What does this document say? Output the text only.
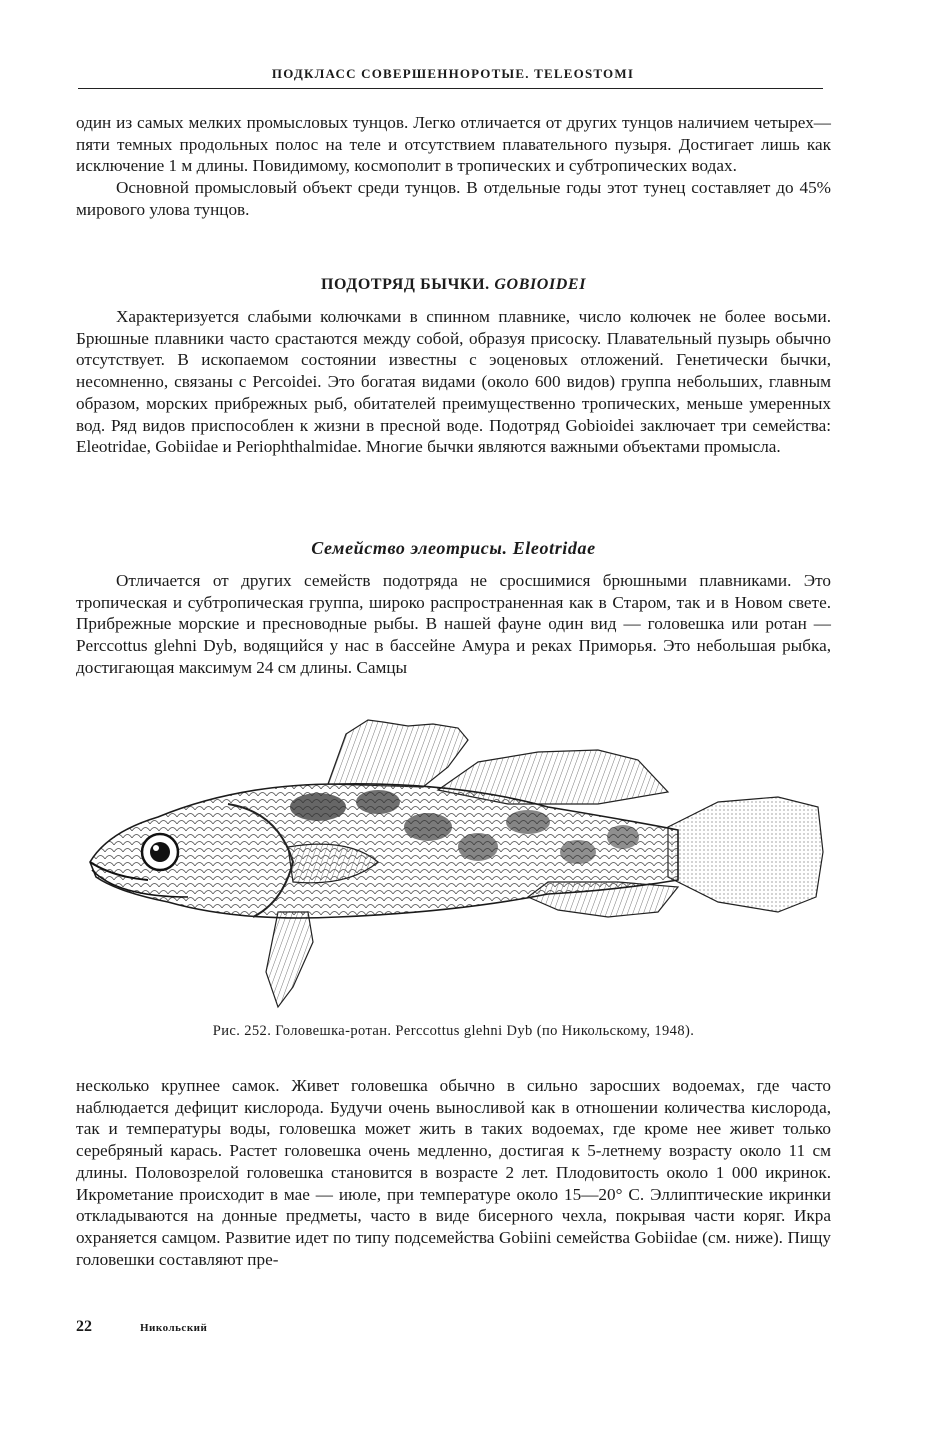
ПОДКЛАСС СОВЕРШЕННОРОТЫЕ. TELEOSTOMI

один из самых мелких промысловых тунцов. Легко отличается от других тунцов наличием четырех—пяти темных продольных полос на теле и отсутствием плавательного пузыря. Достигает лишь как исключение 1 м длины. Повидимому, космополит в тропических и субтропических водах.

Основной промысловый объект среди тунцов. В отдельные годы этот тунец составляет до 45% мирового улова тунцов.

ПОДОТРЯД БЫЧКИ. GOBIOIDEI

Характеризуется слабыми колючками в спинном плавнике, число колючек не более восьми. Брюшные плавники часто срастаются между собой, образуя присоску. Плавательный пузырь обычно отсутствует. В ископаемом состоянии известны с эоценовых отложений. Генетически бычки, несомненно, связаны с Percoidei. Это богатая видами (около 600 видов) группа небольших, главным образом, морских прибрежных рыб, обитателей преимущественно тропических, меньше умеренных вод. Ряд видов приспособлен к жизни в пресной воде. Подотряд Gobioidei заключает три семейства: Eleotridae, Gobiidae и Periophthalmidae. Многие бычки являются важными объектами промысла.

Семейство элеотрисы. Eleotridae

Отличается от других семейств подотряда не сросшимися брюшными плавниками. Это тропическая и субтропическая группа, широко распространенная как в Старом, так и в Новом свете. Прибрежные морские и пресноводные рыбы. В нашей фауне один вид — головешка или ротан — Perccottus glehni Dyb, водящийся у нас в бассейне Амура и реках Приморья. Это небольшая рыбка, достигающая максимум 24 см длины. Самцы

Рис. 252. Головешка-ротан. Perccottus glehni Dyb (по Никольскому, 1948).

несколько крупнее самок. Живет головешка обычно в сильно заросших водоемах, где часто наблюдается дефицит кислорода. Будучи очень выносливой как в отношении количества кислорода, так и температуры воды, головешка может жить в таких водоемах, где кроме нее живет только серебряный карась. Растет головешка очень медленно, достигая к 5-летнему возрасту около 11 см длины. Половозрелой головешка становится в возрасте 2 лет. Плодовитость около 1 000 икринок. Икрометание происходит в мае — июле, при температуре около 15—20° С. Эллиптические икринки откладываются на донные предметы, часто в виде бисерного чехла, покрывая части коряг. Икра охраняется самцом. Развитие идет по типу подсемейства Gobiini семейства Gobiidae (см. ниже). Пищу головешки составляют пре-

22	Никольский
